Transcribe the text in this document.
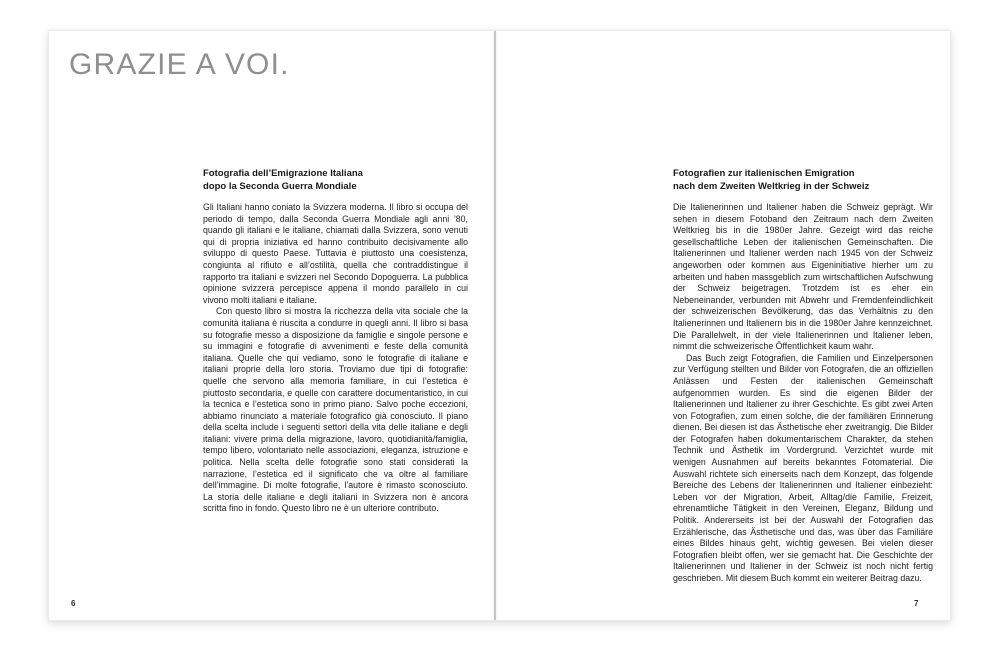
GRAZIE A VOI.
Fotografia dell’Emigrazione Italiana
dopo la Seconda Guerra Mondiale

Gli Italiani hanno coniato la Svizzera moderna. Il libro si occupa del periodo di tempo, dalla Seconda Guerra Mondiale agli anni ’80, quando gli italiani e le italiane, chiamati dalla Svizzera, sono venuti qui di propria iniziativa ed hanno contribuito decisivamente allo sviluppo di questo Paese. Tuttavia è piuttosto una coesistenza, congiunta al rifiuto e all’ostilità, quella che contraddistingue il rapporto tra italiani e svizzeri nel Secondo Dopoguerra. La pubblica opinione svizzera percepisce appena il mondo parallelo in cui vivono molti italiani e italiane.

Con questo libro si mostra la ricchezza della vita sociale che la comunità italiana è riuscita a condurre in quegli anni. Il libro si basa su fotografie messo a disposizione da famiglie e singole persone e su immagini e fotografie di avvenimenti e feste della comunità italiana. Quelle che qui vediamo, sono le fotografie di italiane e italiani proprie della loro storia. Troviamo due tipi di fotografie: quelle che servono alla memoria familiare, in cui l’estetica è piuttosto secondaria, e quelle con carattere documentaristico, in cui la tecnica e l’estetica sono in primo piano. Salvo poche eccezioni, abbiamo rinunciato a materiale fotografico già conosciuto. Il piano della scelta include i seguenti settori della vita delle italiane e degli italiani: vivere prima della migrazione, lavoro, quotidianità/famiglia, tempo libero, volontariato nelle associazioni, eleganza, istruzione e politica. Nella scelta delle fotografie sono stati considerati la narrazione, l’estetica ed il significato che va oltre al familiare dell’immagine. Di molte fotografie, l’autore è rimasto sconosciuto. La storia delle italiane e degli italiani in Svizzera non è ancora scritta fino in fondo. Questo libro ne è un ulteriore contributo.

6
Fotografien zur italienischen Emigration
nach dem Zweiten Weltkrieg in der Schweiz

Die Italienerinnen und Italiener haben die Schweiz geprägt. Wir sehen in diesem Fotoband den Zeitraum nach dem Zweiten Weltkrieg bis in die 1980er Jahre. Gezeigt wird das reiche gesellschaftliche Leben der italienischen Gemeinschaften. Die Italienerinnen und Italiener werden nach 1945 von der Schweiz angeworben oder kommen aus Eigeninitiative hierher um zu arbeiten und haben massgeblich zum wirtschaftlichen Aufschwung der Schweiz beigetragen. Trotzdem ist es eher ein Nebeneinander, verbunden mit Abwehr und Fremdenfeindlichkeit der schweizerischen Bevölkerung, das das Verhältnis zu den Italienerinnen und Italienern bis in die 1980er Jahre kennzeichnet. Die Parallelwelt, in der viele Italienerinnen und Italiener leben, nimmt die schweizerische Öffentlichkeit kaum wahr.

Das Buch zeigt Fotografien, die Familien und Einzelpersonen zur Verfügung stellten und Bilder von Fotografen, die an offiziellen Anlässen und Festen der italienischen Gemeinschaft aufgenommen wurden. Es sind die eigenen Bilder der Italienerinnen und Italiener zu ihrer Geschichte. Es gibt zwei Arten von Fotografien, zum einen solche, die der familiären Erinnerung dienen. Bei diesen ist das Ästhetische eher zweitrangig. Die Bilder der Fotografen haben dokumentarischem Charakter, da stehen Technik und Ästhetik im Vordergrund. Verzichtet wurde mit wenigen Ausnahmen auf bereits bekanntes Fotomaterial. Die Auswahl richtete sich einerseits nach dem Konzept, das folgende Bereiche des Lebens der Italienerinnen und Italiener einbezieht: Leben vor der Migration, Arbeit, Alltag/die Familie, Freizeit, ehrenamtliche Tätigkeit in den Vereinen, Eleganz, Bildung und Politik. Andererseits ist bei der Auswahl der Fotografien das Erzählerische, das Ästhetische und das, was über das Familiäre eines Bildes hinaus geht, wichtig gewesen. Bei vielen dieser Fotografien bleibt offen, wer sie gemacht hat. Die Geschichte der Italienerinnen und Italiener in der Schweiz ist noch nicht fertig geschrieben. Mit diesem Buch kommt ein weiterer Beitrag dazu.

7
